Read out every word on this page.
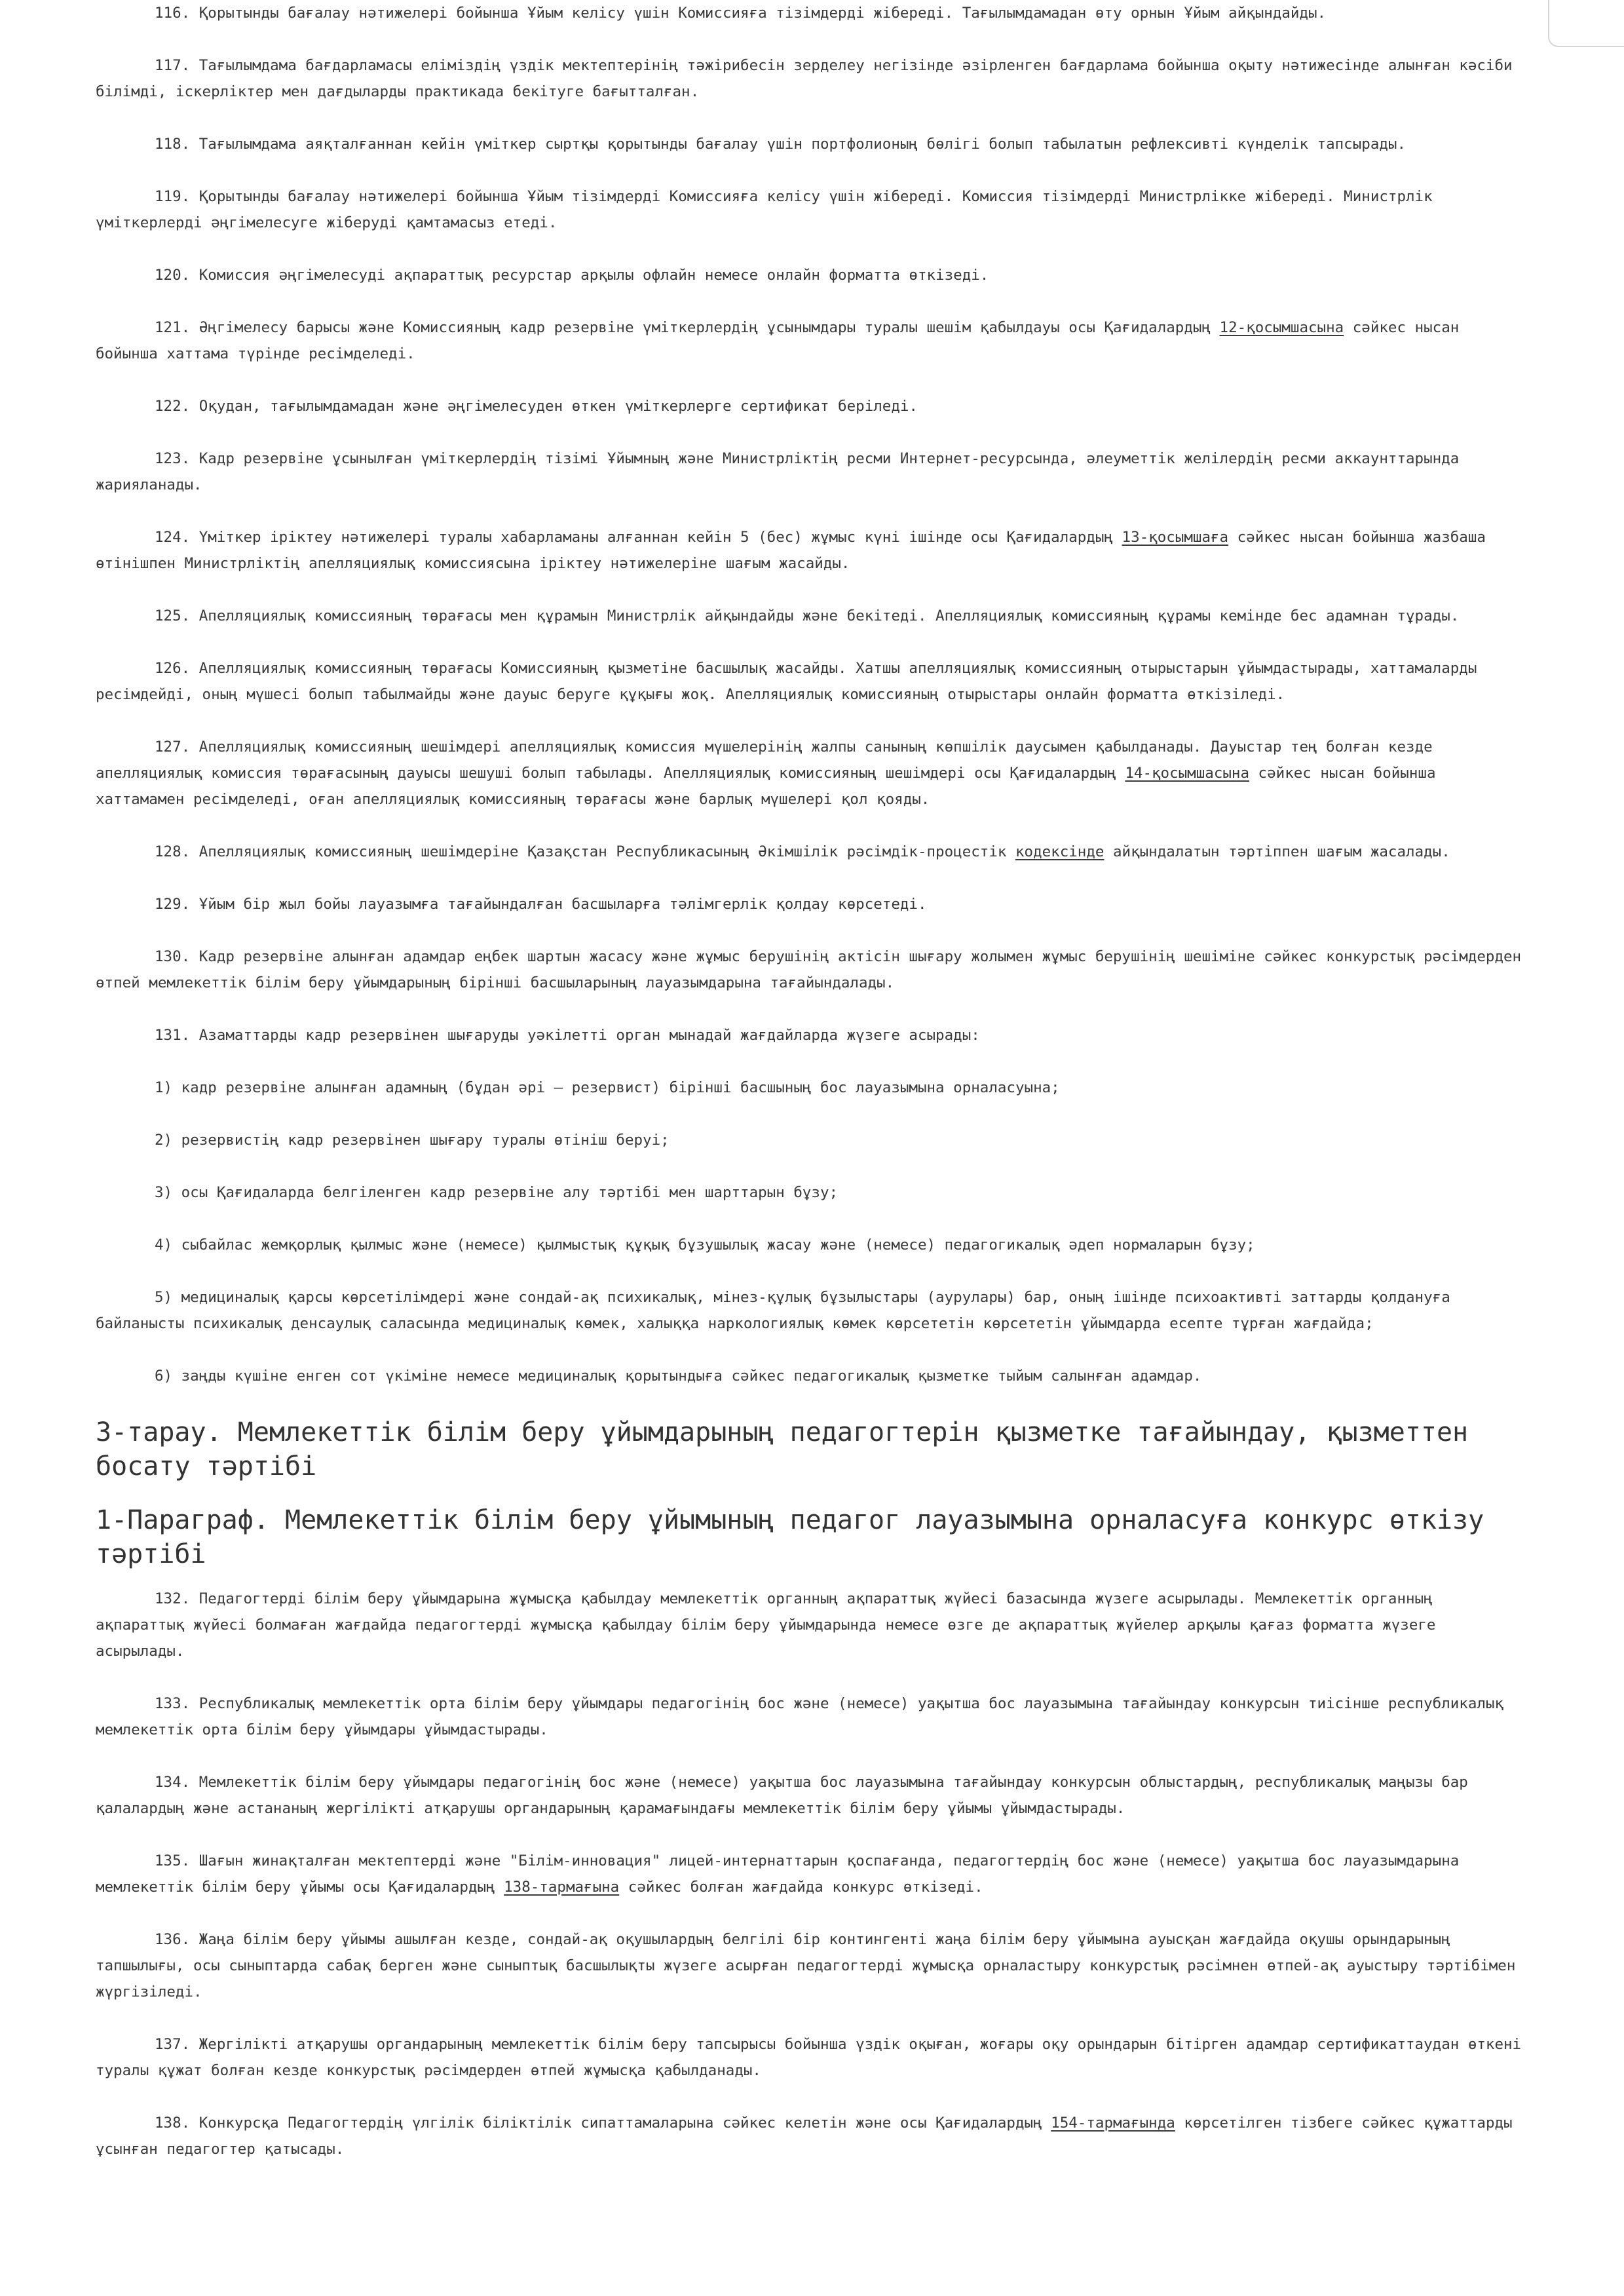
116. Қорытынды бағалау нәтижелері бойынша Ұйым келісу үшін Комиссияға тізімдерді жібереді. Тағылымдамадан өту орнын Ұйым айқындайды.

117. Тағылымдама бағдарламасы еліміздің үздік мектептерінің тәжірибесін зерделеу негізінде әзірленген бағдарлама бойынша оқыту нәтижесінде алынған кәсіби білімді, іскерліктер мен дағдыларды практикада бекітуге бағытталған.

118. Тағылымдама аяқталғаннан кейін үміткер сыртқы қорытынды бағалау үшін портфолионың бөлігі болып табылатын рефлексивті күнделік тапсырады.

119. Қорытынды бағалау нәтижелері бойынша Ұйым тізімдерді Комиссияға келісу үшін жібереді. Комиссия тізімдерді Министрлікке жібереді. Министрлік үміткерлерді әңгімелесуге жіберуді қамтамасыз етеді.

120. Комиссия әңгімелесуді ақпараттық ресурстар арқылы офлайн немесе онлайн форматта өткізеді.

121. Әңгімелесу барысы және Комиссияның кадр резервіне үміткерлердің ұсынымдары туралы шешім қабылдауы осы Қағидалардың 12-қосымшасына сәйкес нысан бойынша хаттама түрінде ресімделеді.

122. Оқудан, тағылымдамадан және әңгімелесуден өткен үміткерлерге сертификат беріледі.

123. Кадр резервіне ұсынылған үміткерлердің тізімі Ұйымның және Министрліктің ресми Интернет-ресурсында, әлеуметтік желілердің ресми аккаунттарында жарияланады.

124. Үміткер іріктеу нәтижелері туралы хабарламаны алғаннан кейін 5 (бес) жұмыс күні ішінде осы Қағидалардың 13-қосымшаға сәйкес нысан бойынша жазбаша өтінішпен Министрліктің апелляциялық комиссиясына іріктеу нәтижелеріне шағым жасайды.

125. Апелляциялық комиссияның төрағасы мен құрамын Министрлік айқындайды және бекітеді. Апелляциялық комиссияның құрамы кемінде бес адамнан тұрады.

126. Апелляциялық комиссияның төрағасы Комиссияның қызметіне басшылық жасайды. Хатшы апелляциялық комиссияның отырыстарын ұйымдастырады, хаттамаларды ресімдейді, оның мүшесі болып табылмайды және дауыс беруге құқығы жоқ. Апелляциялық комиссияның отырыстары онлайн форматта өткізіледі.

127. Апелляциялық комиссияның шешімдері апелляциялық комиссия мүшелерінің жалпы санының көпшілік даусымен қабылданады. Дауыстар тең болған кезде апелляциялық комиссия төрағасының дауысы шешуші болып табылады. Апелляциялық комиссияның шешімдері осы Қағидалардың 14-қосымшасына сәйкес нысан бойынша хаттамамен ресімделеді, оған апелляциялық комиссияның төрағасы және барлық мүшелері қол қояды.

128. Апелляциялық комиссияның шешімдеріне Қазақстан Республикасының Әкімшілік рәсімдік-процестік кодексінде айқындалатын тәртіппен шағым жасалады.

129. Ұйым бір жыл бойы лауазымға тағайындалған басшыларға тәлімгерлік қолдау көрсетеді.

130. Кадр резервіне алынған адамдар еңбек шартын жасасу және жұмыс берушінің актісін шығару жолымен жұмыс берушінің шешіміне сәйкес конкурстық рәсімдерден өтпей мемлекеттік білім беру ұйымдарының бірінші басшыларының лауазымдарына тағайындалады.

131. Азаматтарды кадр резервінен шығаруды уәкілетті орган мынадай жағдайларда жүзеге асырады:

1) кадр резервіне алынған адамның (бұдан әрі – резервист) бірінші басшының бос лауазымына орналасуына;

2) резервистің кадр резервінен шығару туралы өтініш беруі;

3) осы Қағидаларда белгіленген кадр резервіне алу тәртібі мен шарттарын бұзу;

4) сыбайлас жемқорлық қылмыс және (немесе) қылмыстық құқық бұзушылық жасау және (немесе) педагогикалық әдеп нормаларын бұзу;

5) медициналық қарсы көрсетілімдері және сондай-ақ психикалық, мінез-құлық бұзылыстары (аурулары) бар, оның ішінде психоактивті заттарды қолдануға байланысты психикалық денсаулық саласында медициналық көмек, халыққа наркологиялық көмек көрсететін көрсететін ұйымдарда есепте тұрған жағдайда;

6) заңды күшіне енген сот үкіміне немесе медициналық қорытындыға сәйкес педагогикалық қызметке тыйым салынған адамдар.

3-тарау. Мемлекеттік білім беру ұйымдарының педагогтерін қызметке тағайындау, қызметтен босату тәртібі
1-Параграф. Мемлекеттік білім беру ұйымының педагог лауазымына орналасуға конкурс өткізу тәртібі

132. Педагогтерді білім беру ұйымдарына жұмысқа қабылдау мемлекеттік органның ақпараттық жүйесі базасында жүзеге асырылады. Мемлекеттік органның ақпараттық жүйесі болмаған жағдайда педагогтерді жұмысқа қабылдау білім беру ұйымдарында немесе өзге де ақпараттық жүйелер арқылы қағаз форматта жүзеге асырылады.

133. Республикалық мемлекеттік орта білім беру ұйымдары педагогінің бос және (немесе) уақытша бос лауазымына тағайындау конкурсын тиісінше республикалық мемлекеттік орта білім беру ұйымдары ұйымдастырады.

134. Мемлекеттік білім беру ұйымдары педагогінің бос және (немесе) уақытша бос лауазымына тағайындау конкурсын облыстардың, республикалық маңызы бар қалалардың және астананың жергілікті атқарушы органдарының қарамағындағы мемлекеттік білім беру ұйымы ұйымдастырады.

135. Шағын жинақталған мектептерді және "Білім-инновация" лицей-интернаттарын қоспағанда, педагогтердің бос және (немесе) уақытша бос лауазымдарына мемлекеттік білім беру ұйымы осы Қағидалардың 138-тармағына сәйкес болған жағдайда конкурс өткізеді.

136. Жаңа білім беру ұйымы ашылған кезде, сондай-ақ оқушылардың белгілі бір контингенті жаңа білім беру ұйымына ауысқан жағдайда оқушы орындарының тапшылығы, осы сыныптарда сабақ берген және сыныптық басшылықты жүзеге асырған педагогтерді жұмысқа орналастыру конкурстық рәсімнен өтпей-ақ ауыстыру тәртібімен жүргізіледі.

137. Жергілікті атқарушы органдарының мемлекеттік білім беру тапсырысы бойынша үздік оқыған, жоғары оқу орындарын бітірген адамдар сертификаттаудан өткені туралы құжат болған кезде конкурстық рәсімдерден өтпей жұмысқа қабылданады.

138. Конкурсқа Педагогтердің үлгілік біліктілік сипаттамаларына сәйкес келетін және осы Қағидалардың 154-тармағында көрсетілген тізбеге сәйкес құжаттарды ұсынған педагогтер қатысады.
